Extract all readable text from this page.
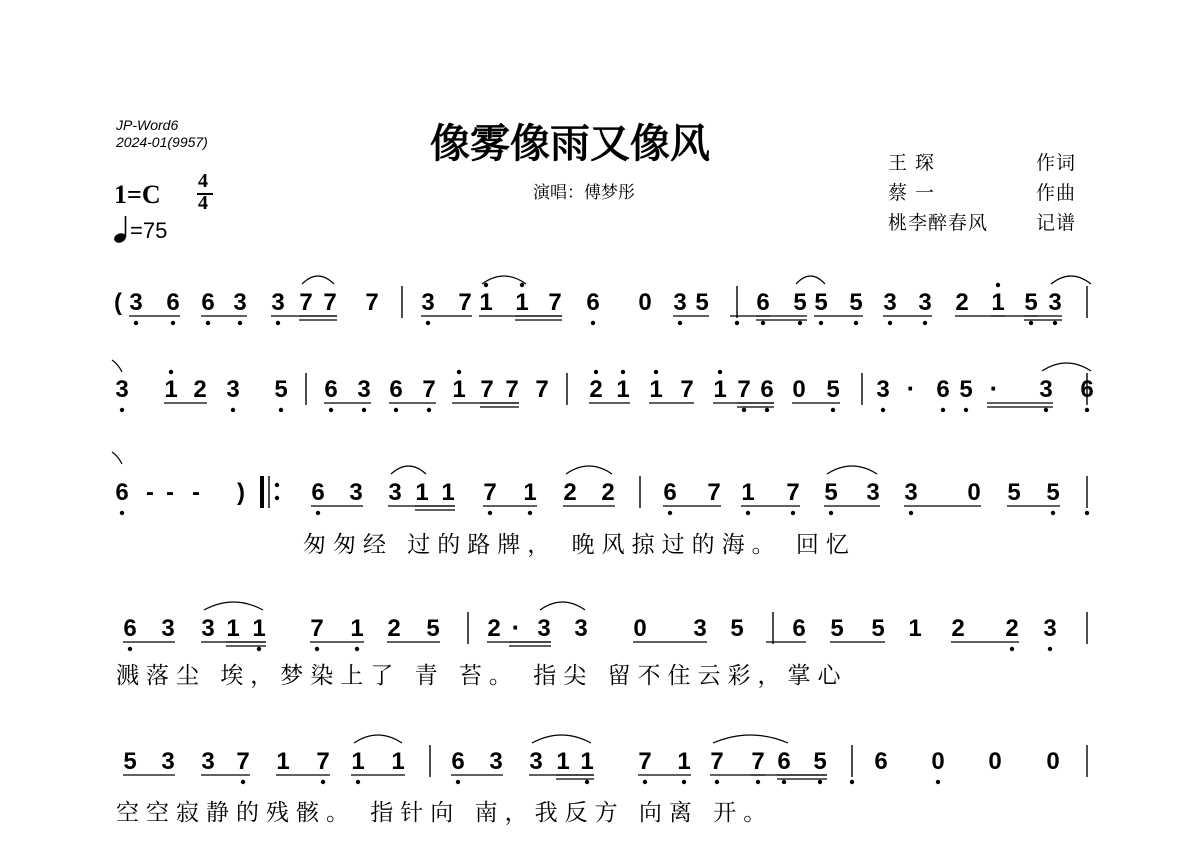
JP-Word6
2024-01(9957)	像雾像雨又像风
演唱：傅梦彤
王 琛	作词
蔡 一	作曲
桃李醉春风	记谱
1=C 4
4
=75
( 3 6 6 3 3 7 7 7 3 7 1 1 7 6 0 3 5 6 5 5 5 3 3 2 1 5 3
3 1 2 3 5 6 3 6 7 1 7 7 7 2 1 1 7 1 7 6 0 5 3 · 6 5 · 3 6
6 - - - )	6 3 3 1 1 7 1 2 2 6 7 1 7 5 3 3 0 5 5
6 3 3 1 1 7 1 2 5 2 · 3 3 0 3 5 6 5 5 1 2 2 3
5 3 3 7 1 7 1 1 6 3 3 1 1 7 1 7 7 6 5 6 0 0 0
匆匆经 过的路牌， 晚风掠过的海。 回忆
溅落尘 埃，梦染上了 青 苔。 指尖 留不住云彩，掌心
空空寂静的残骸。 指针向 南，我反方 向离 开。
